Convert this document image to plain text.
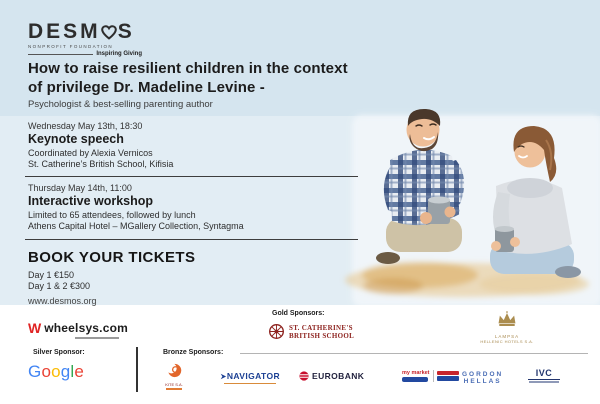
DESM S
NONPROFIT FOUNDATION
Inspiring Giving
How to raise resilient children in the context
of privilege Dr. Madeline Levine -
Psychologist & best-selling parenting author
Wednesday May 13th, 18:30
Keynote speech
Coordinated by Alexia Vernicos
St. Catherine’s British School, Kifisia
Thursday May 14th, 11:00
Interactive workshop
Limited to 65 attendees, followed by lunch
Athens Capital Hotel – MGallery Collection, Syntagma
BOOK YOUR TICKETS
Day 1 €150
Day 1 & 2 €300
www.desmos.org
W wheelsys.com
Gold Sponsors:
ST. CATHERINE'S
BRITISH SCHOOL	LAMPSA
HELLENIC HOTELS S.A.
Silver Sponsor:
Google
Bronze Sponsors:
KITE S.A.
NAVIGATOR	EUROBANK	my market	GORDON
HELLAS
IVC
